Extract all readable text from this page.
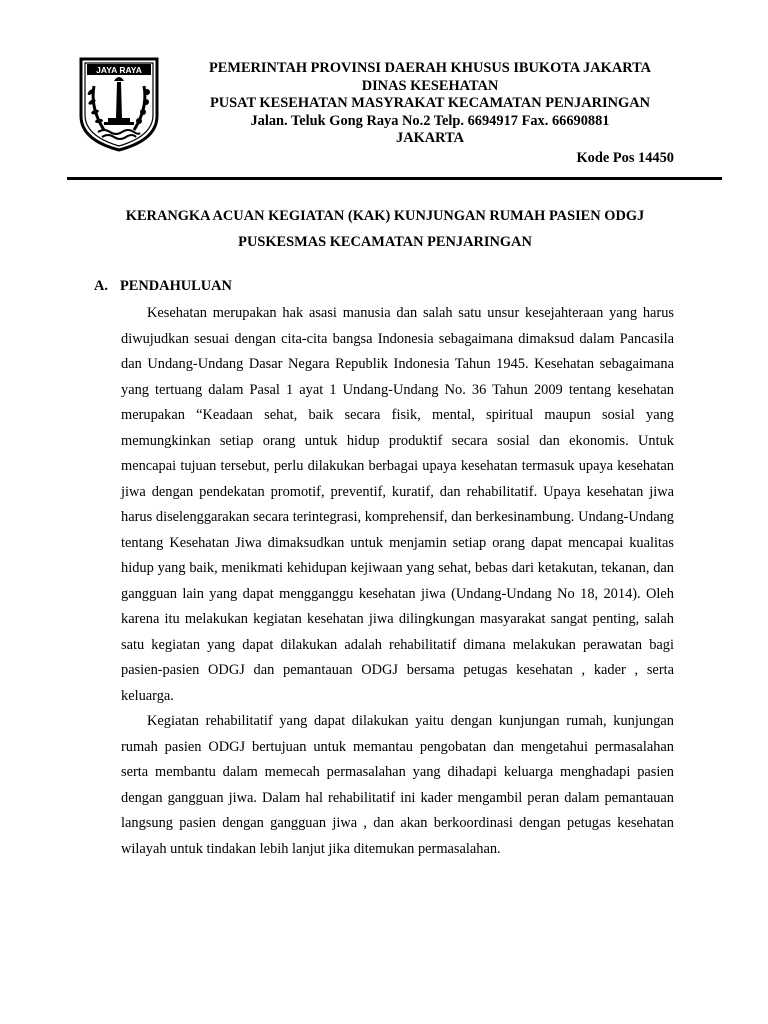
JAYA RAYA	PEMERINTAH PROVINSI DAERAH KHUSUS IBUKOTA JAKARTA
DINAS KESEHATAN
PUSAT KESEHATAN MASYRAKAT KECAMATAN PENJARINGAN
Jalan. Teluk Gong Raya No.2 Telp. 6694917 Fax. 66690881
JAKARTA
Kode Pos 14450
KERANGKA ACUAN KEGIATAN (KAK) KUNJUNGAN RUMAH PASIEN ODGJ
PUSKESMAS KECAMATAN PENJARINGAN
A. PENDAHULUAN

Kesehatan merupakan hak asasi manusia dan salah satu unsur kesejahteraan yang harus diwujudkan sesuai dengan cita-cita bangsa Indonesia sebagaimana dimaksud dalam Pancasila dan Undang-Undang Dasar Negara Republik Indonesia Tahun 1945. Kesehatan sebagaimana yang tertuang dalam Pasal 1 ayat 1 Undang-Undang No. 36 Tahun 2009 tentang kesehatan merupakan “Keadaan sehat, baik secara fisik, mental, spiritual maupun sosial yang memungkinkan setiap orang untuk hidup produktif secara sosial dan ekonomis. Untuk mencapai tujuan tersebut, perlu dilakukan berbagai upaya kesehatan termasuk upaya kesehatan jiwa dengan pendekatan promotif, preventif, kuratif, dan rehabilitatif. Upaya kesehatan jiwa harus diselenggarakan secara terintegrasi, komprehensif, dan berkesinambung. Undang-Undang tentang Kesehatan Jiwa dimaksudkan untuk menjamin setiap orang dapat mencapai kualitas hidup yang baik, menikmati kehidupan kejiwaan yang sehat, bebas dari ketakutan, tekanan, dan gangguan lain yang dapat mengganggu kesehatan jiwa (Undang-Undang No 18, 2014). Oleh karena itu melakukan kegiatan kesehatan jiwa dilingkungan masyarakat sangat penting, salah satu kegiatan yang dapat dilakukan adalah rehabilitatif dimana melakukan perawatan bagi pasien-pasien ODGJ dan pemantauan ODGJ bersama petugas kesehatan , kader , serta keluarga.

Kegiatan rehabilitatif yang dapat dilakukan yaitu dengan kunjungan rumah, kunjungan rumah pasien ODGJ bertujuan untuk memantau pengobatan dan mengetahui permasalahan serta membantu dalam memecah permasalahan yang dihadapi keluarga menghadapi pasien dengan gangguan jiwa. Dalam hal rehabilitatif ini kader mengambil peran dalam pemantauan langsung pasien dengan gangguan jiwa , dan akan berkoordinasi dengan petugas kesehatan wilayah untuk tindakan lebih lanjut jika ditemukan permasalahan.
